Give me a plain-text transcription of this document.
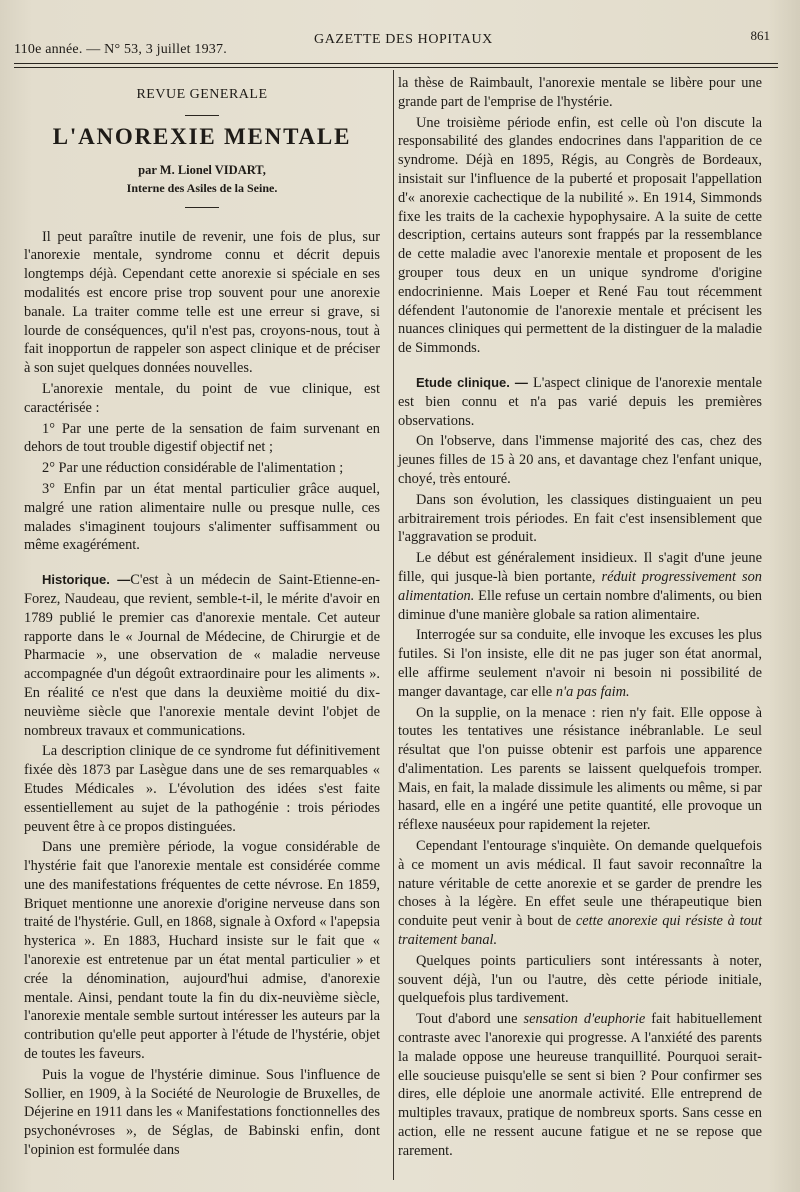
110e année. — N° 53, 3 juillet 1937.
GAZETTE DES HOPITAUX	861
REVUE GENERALE
L'ANOREXIE MENTALE
par M. Lionel VIDART,
Interne des Asiles de la Seine.

Il peut paraître inutile de revenir, une fois de plus, sur l'anorexie mentale, syndrome connu et décrit depuis longtemps déjà. Cependant cette anorexie si spéciale en ses modalités est encore prise trop souvent pour une anorexie banale. La traiter comme telle est une erreur si grave, si lourde de conséquences, qu'il n'est pas, croyons-nous, tout à fait inopportun de rappeler son aspect clinique et de préciser à son sujet quelques données nouvelles.

L'anorexie mentale, du point de vue clinique, est caractérisée :

1° Par une perte de la sensation de faim survenant en dehors de tout trouble digestif objectif net ;

2° Par une réduction considérable de l'alimentation ;

3° Enfin par un état mental particulier grâce auquel, malgré une ration alimentaire nulle ou presque nulle, ces malades s'imaginent toujours s'alimenter suffisamment ou même exagérément.

Historique. —C'est à un médecin de Saint-Etienne-en-Forez, Naudeau, que revient, semble-t-il, le mérite d'avoir en 1789 publié le premier cas d'anorexie mentale. Cet auteur rapporte dans le « Journal de Médecine, de Chirurgie et de Pharmacie », une observation de « maladie nerveuse accompagnée d'un dégoût extraordinaire pour les aliments ». En réalité ce n'est que dans la deuxième moitié du dix-neuvième siècle que l'anorexie mentale devint l'objet de nombreux travaux et communications.

La description clinique de ce syndrome fut définitivement fixée dès 1873 par Lasègue dans une de ses remarquables « Etudes Médicales ». L'évolution des idées s'est faite essentiellement au sujet de la pathogénie : trois périodes peuvent être à ce propos distinguées.

Dans une première période, la vogue considérable de l'hystérie fait que l'anorexie mentale est considérée comme une des manifestations fréquentes de cette névrose. En 1859, Briquet mentionne une anorexie d'origine nerveuse dans son traité de l'hystérie. Gull, en 1868, signale à Oxford « l'apepsia hysterica ». En 1883, Huchard insiste sur le fait que « l'anorexie est entretenue par un état mental particulier » et crée la dénomination, aujourd'hui admise, d'anorexie mentale. Ainsi, pendant toute la fin du dix-neuvième siècle, l'anorexie mentale semble surtout intéresser les auteurs par la contribution qu'elle peut apporter à l'étude de l'hystérie, objet de toutes les faveurs.

Puis la vogue de l'hystérie diminue. Sous l'influence de Sollier, en 1909, à la Société de Neurologie de Bruxelles, de Déjerine en 1911 dans les « Manifestations fonctionnelles des psychonévroses », de Séglas, de Babinski enfin, dont l'opinion est formulée dans

la thèse de Raimbault, l'anorexie mentale se libère pour une grande part de l'emprise de l'hystérie.

Une troisième période enfin, est celle où l'on discute la responsabilité des glandes endocrines dans l'apparition de ce syndrome. Déjà en 1895, Régis, au Congrès de Bordeaux, insistait sur l'influence de la puberté et proposait l'appellation d'« anorexie cachectique de la nubilité ». En 1914, Simmonds fixe les traits de la cachexie hypophysaire. A la suite de cette description, certains auteurs sont frappés par la ressemblance de cette maladie avec l'anorexie mentale et proposent de les grouper tous deux en un unique syndrome d'origine endocrinienne. Mais Loeper et René Fau tout récemment défendent l'autonomie de l'anorexie mentale et précisent les nuances cliniques qui permettent de la distinguer de la maladie de Simmonds.

Etude clinique. — L'aspect clinique de l'anorexie mentale est bien connu et n'a pas varié depuis les premières observations.

On l'observe, dans l'immense majorité des cas, chez des jeunes filles de 15 à 20 ans, et davantage chez l'enfant unique, choyé, très entouré.

Dans son évolution, les classiques distinguaient un peu arbitrairement trois périodes. En fait c'est insensiblement que l'aggravation se produit.

Le début est généralement insidieux. Il s'agit d'une jeune fille, qui jusque-là bien portante, réduit progressivement son alimentation. Elle refuse un certain nombre d'aliments, ou bien diminue d'une manière globale sa ration alimentaire.

Interrogée sur sa conduite, elle invoque les excuses les plus futiles. Si l'on insiste, elle dit ne pas juger son état anormal, elle affirme seulement n'avoir ni besoin ni possibilité de manger davantage, car elle n'a pas faim.

On la supplie, on la menace : rien n'y fait. Elle oppose à toutes les tentatives une résistance inébranlable. Le seul résultat que l'on puisse obtenir est parfois une apparence d'alimentation. Les parents se laissent quelquefois tromper. Mais, en fait, la malade dissimule les aliments ou même, si par hasard, elle en a ingéré une petite quantité, elle provoque un réflexe nauséeux pour rapidement la rejeter.

Cependant l'entourage s'inquiète. On demande quelquefois à ce moment un avis médical. Il faut savoir reconnaître la nature véritable de cette anorexie et se garder de prendre les choses à la légère. En effet seule une thérapeutique bien conduite peut venir à bout de cette anorexie qui résiste à tout traitement banal.

Quelques points particuliers sont intéressants à noter, souvent déjà, l'un ou l'autre, dès cette période initiale, quelquefois plus tardivement.

Tout d'abord une sensation d'euphorie fait habituellement contraste avec l'anorexie qui progresse. A l'anxiété des parents la malade oppose une heureuse tranquillité. Pourquoi serait-elle soucieuse puisqu'elle se sent si bien ? Pour confirmer ses dires, elle déploie une anormale activité. Elle entreprend de multiples travaux, pratique de nombreux sports. Sans cesse en action, elle ne ressent aucune fatigue et ne se repose que rarement.
